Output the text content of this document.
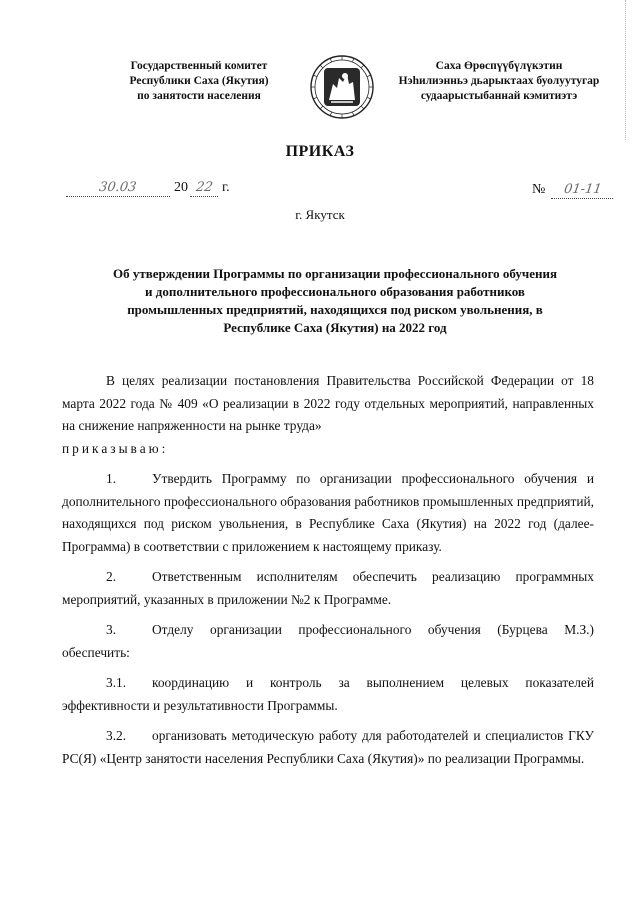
Государственный комитет
Республики Саха (Якутия)
по занятости населения
Саха Өрөспүүбүлүкэтин
Нэһилиэнньэ дьарыктаах буолуутугар
судаарыстыбаннай кэмитиэтэ
ПРИКАЗ
30.03	20 22 г.	№	01-11
г. Якутск
Об утверждении Программы по организации профессионального обучения
и дополнительного профессионального образования работников
промышленных предприятий, находящихся под риском увольнения, в
Республике Саха (Якутия) на 2022 год

В целях реализации постановления Правительства Российской Федерации от 18 марта 2022 года № 409 «О реализации в 2022 году отдельных мероприятий, направленных на снижение напряженности на рынке труда»

приказываю:

1.	Утвердить Программу по организации профессионального обучения и дополнительного профессионального образования работников промышленных предприятий, находящихся под риском увольнения, в Республике Саха (Якутия) на 2022 год (далее-Программа) в соответствии с приложением к настоящему приказу.

2.	Ответственным исполнителям обеспечить реализацию программных мероприятий, указанных в приложении №2 к Программе.

3.	Отделу организации профессионального обучения (Бурцева М.З.) обеспечить:

3.1. координацию и контроль за выполнением целевых показателей эффективности и результативности Программы.

3.2. организовать методическую работу для работодателей и специалистов ГКУ РС(Я) «Центр занятости населения Республики Саха (Якутия)» по реализации Программы.
